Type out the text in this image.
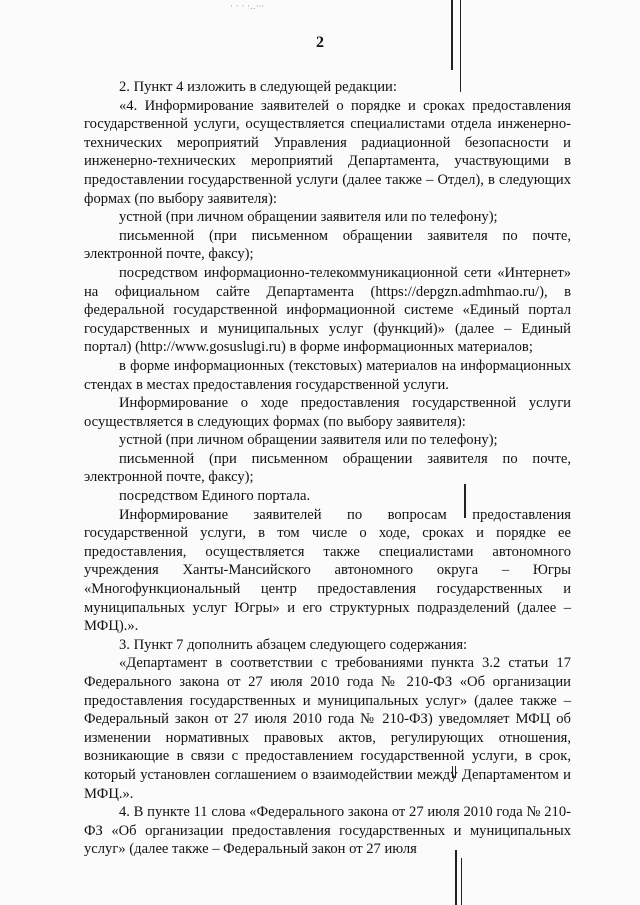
· · · ·..···
2

2. Пункт 4 изложить в следующей редакции:

«4. Информирование заявителей о порядке и сроках предоставления государственной услуги, осуществляется специалистами отдела инженерно-технических мероприятий Управления радиационной безопасности и инженерно-технических мероприятий Департамента, участвующими в предоставлении государственной услуги (далее также – Отдел), в следующих формах (по выбору заявителя):

устной (при личном обращении заявителя или по телефону);

письменной (при письменном обращении заявителя по почте, электронной почте, факсу);

посредством информационно-телекоммуникационной сети «Интернет» на официальном сайте Департамента (https://depgzn.admhmao.ru/), в федеральной государственной информационной системе «Единый портал государственных и муниципальных услуг (функций)» (далее – Единый портал) (http://www.gosuslugi.ru) в форме информационных материалов;

в форме информационных (текстовых) материалов на информационных стендах в местах предоставления государственной услуги.

Информирование о ходе предоставления государственной услуги осуществляется в следующих формах (по выбору заявителя):

устной (при личном обращении заявителя или по телефону);

письменной (при письменном обращении заявителя по почте, электронной почте, факсу);

посредством Единого портала.

Информирование заявителей по вопросам предоставления государственной услуги, в том числе о ходе, сроках и порядке ее предоставления, осуществляется также специалистами автономного учреждения Ханты-Мансийского автономного округа – Югры «Многофункциональный центр предоставления государственных и муниципальных услуг Югры» и его структурных подразделений (далее – МФЦ).».

3. Пункт 7 дополнить абзацем следующего содержания:

«Департамент в соответствии с требованиями пункта 3.2 статьи 17 Федерального закона от 27 июля 2010 года № 210-ФЗ «Об организации предоставления государственных и муниципальных услуг» (далее также – Федеральный закон от 27 июля 2010 года № 210-ФЗ) уведомляет МФЦ об изменении нормативных правовых актов, регулирующих отношения, возникающие в связи с предоставлением государственной услуги, в срок, который установлен соглашением о взаимодействии между Департаментом и МФЦ.».

4. В пункте 11 слова «Федерального закона от 27 июля 2010 года № 210-ФЗ «Об организации предоставления государственных и муниципальных услуг» (далее также – Федеральный закон от 27 июля
